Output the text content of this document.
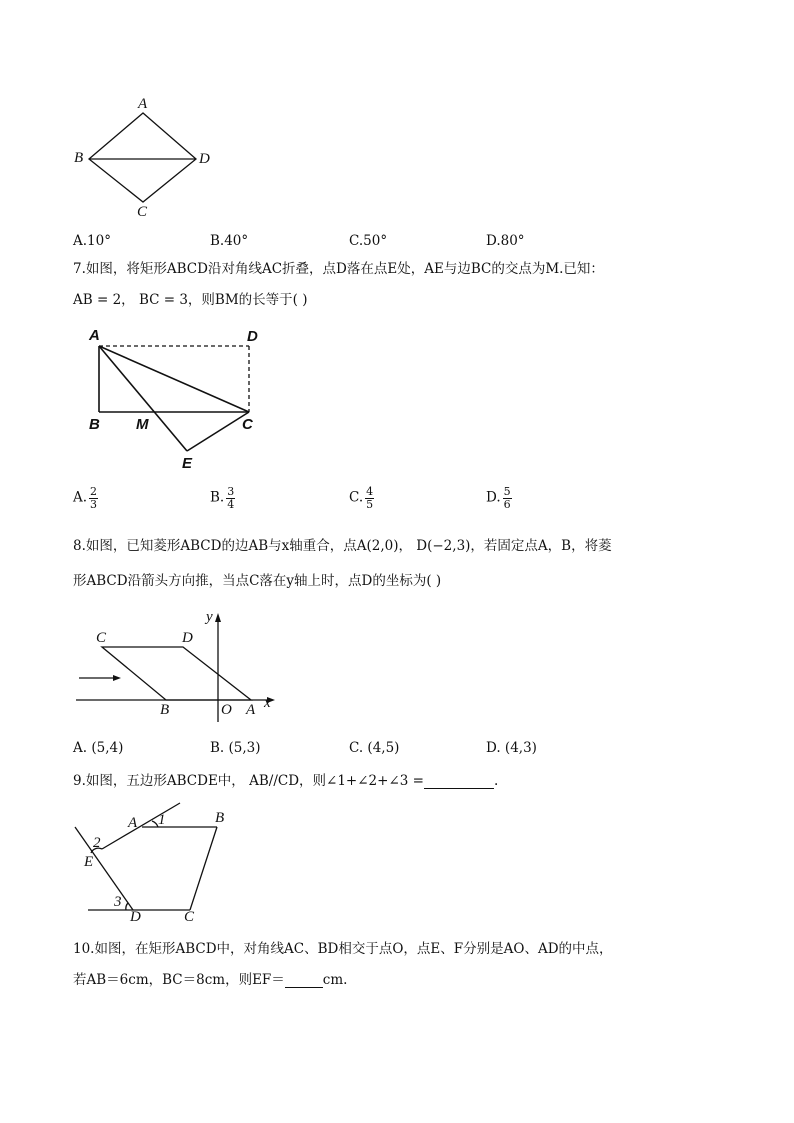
A
B
C
D
A.10°	B.40°	C.50°	D.80°
7.如图，将矩形ABCD沿对角线AC折叠，点D落在点E处，AE与边BC的交点为M.已知：
AB = 2， BC = 3，则BM的长等于( )
A	D
B M	C
E
A. $\frac{2}{3}$	B. $\frac{3}{4}$	C. $\frac{4}{5}$	D. $\frac{5}{6}$
8.如图，已知菱形ABCD的边AB与x轴重合，点A(2,0)， D(−2,3)，若固定点A，B，将菱
形ABCD沿箭头方向推，当点C落在y轴上时，点D的坐标为( )
C	D
y
B	O A x
A. (5,4)	B. (5,3)	C. (4,5)	D. (4,3)
9.如图，五边形ABCDE中， AB//CD，则∠1+∠2+∠3 =	.
A 1	B
2
E
3
D	C
10.如图，在矩形ABCD中，对角线AC、BD相交于点O，点E、F分别是AO、AD的中点，
若AB＝6cm，BC＝8cm，则EF＝	cm.
